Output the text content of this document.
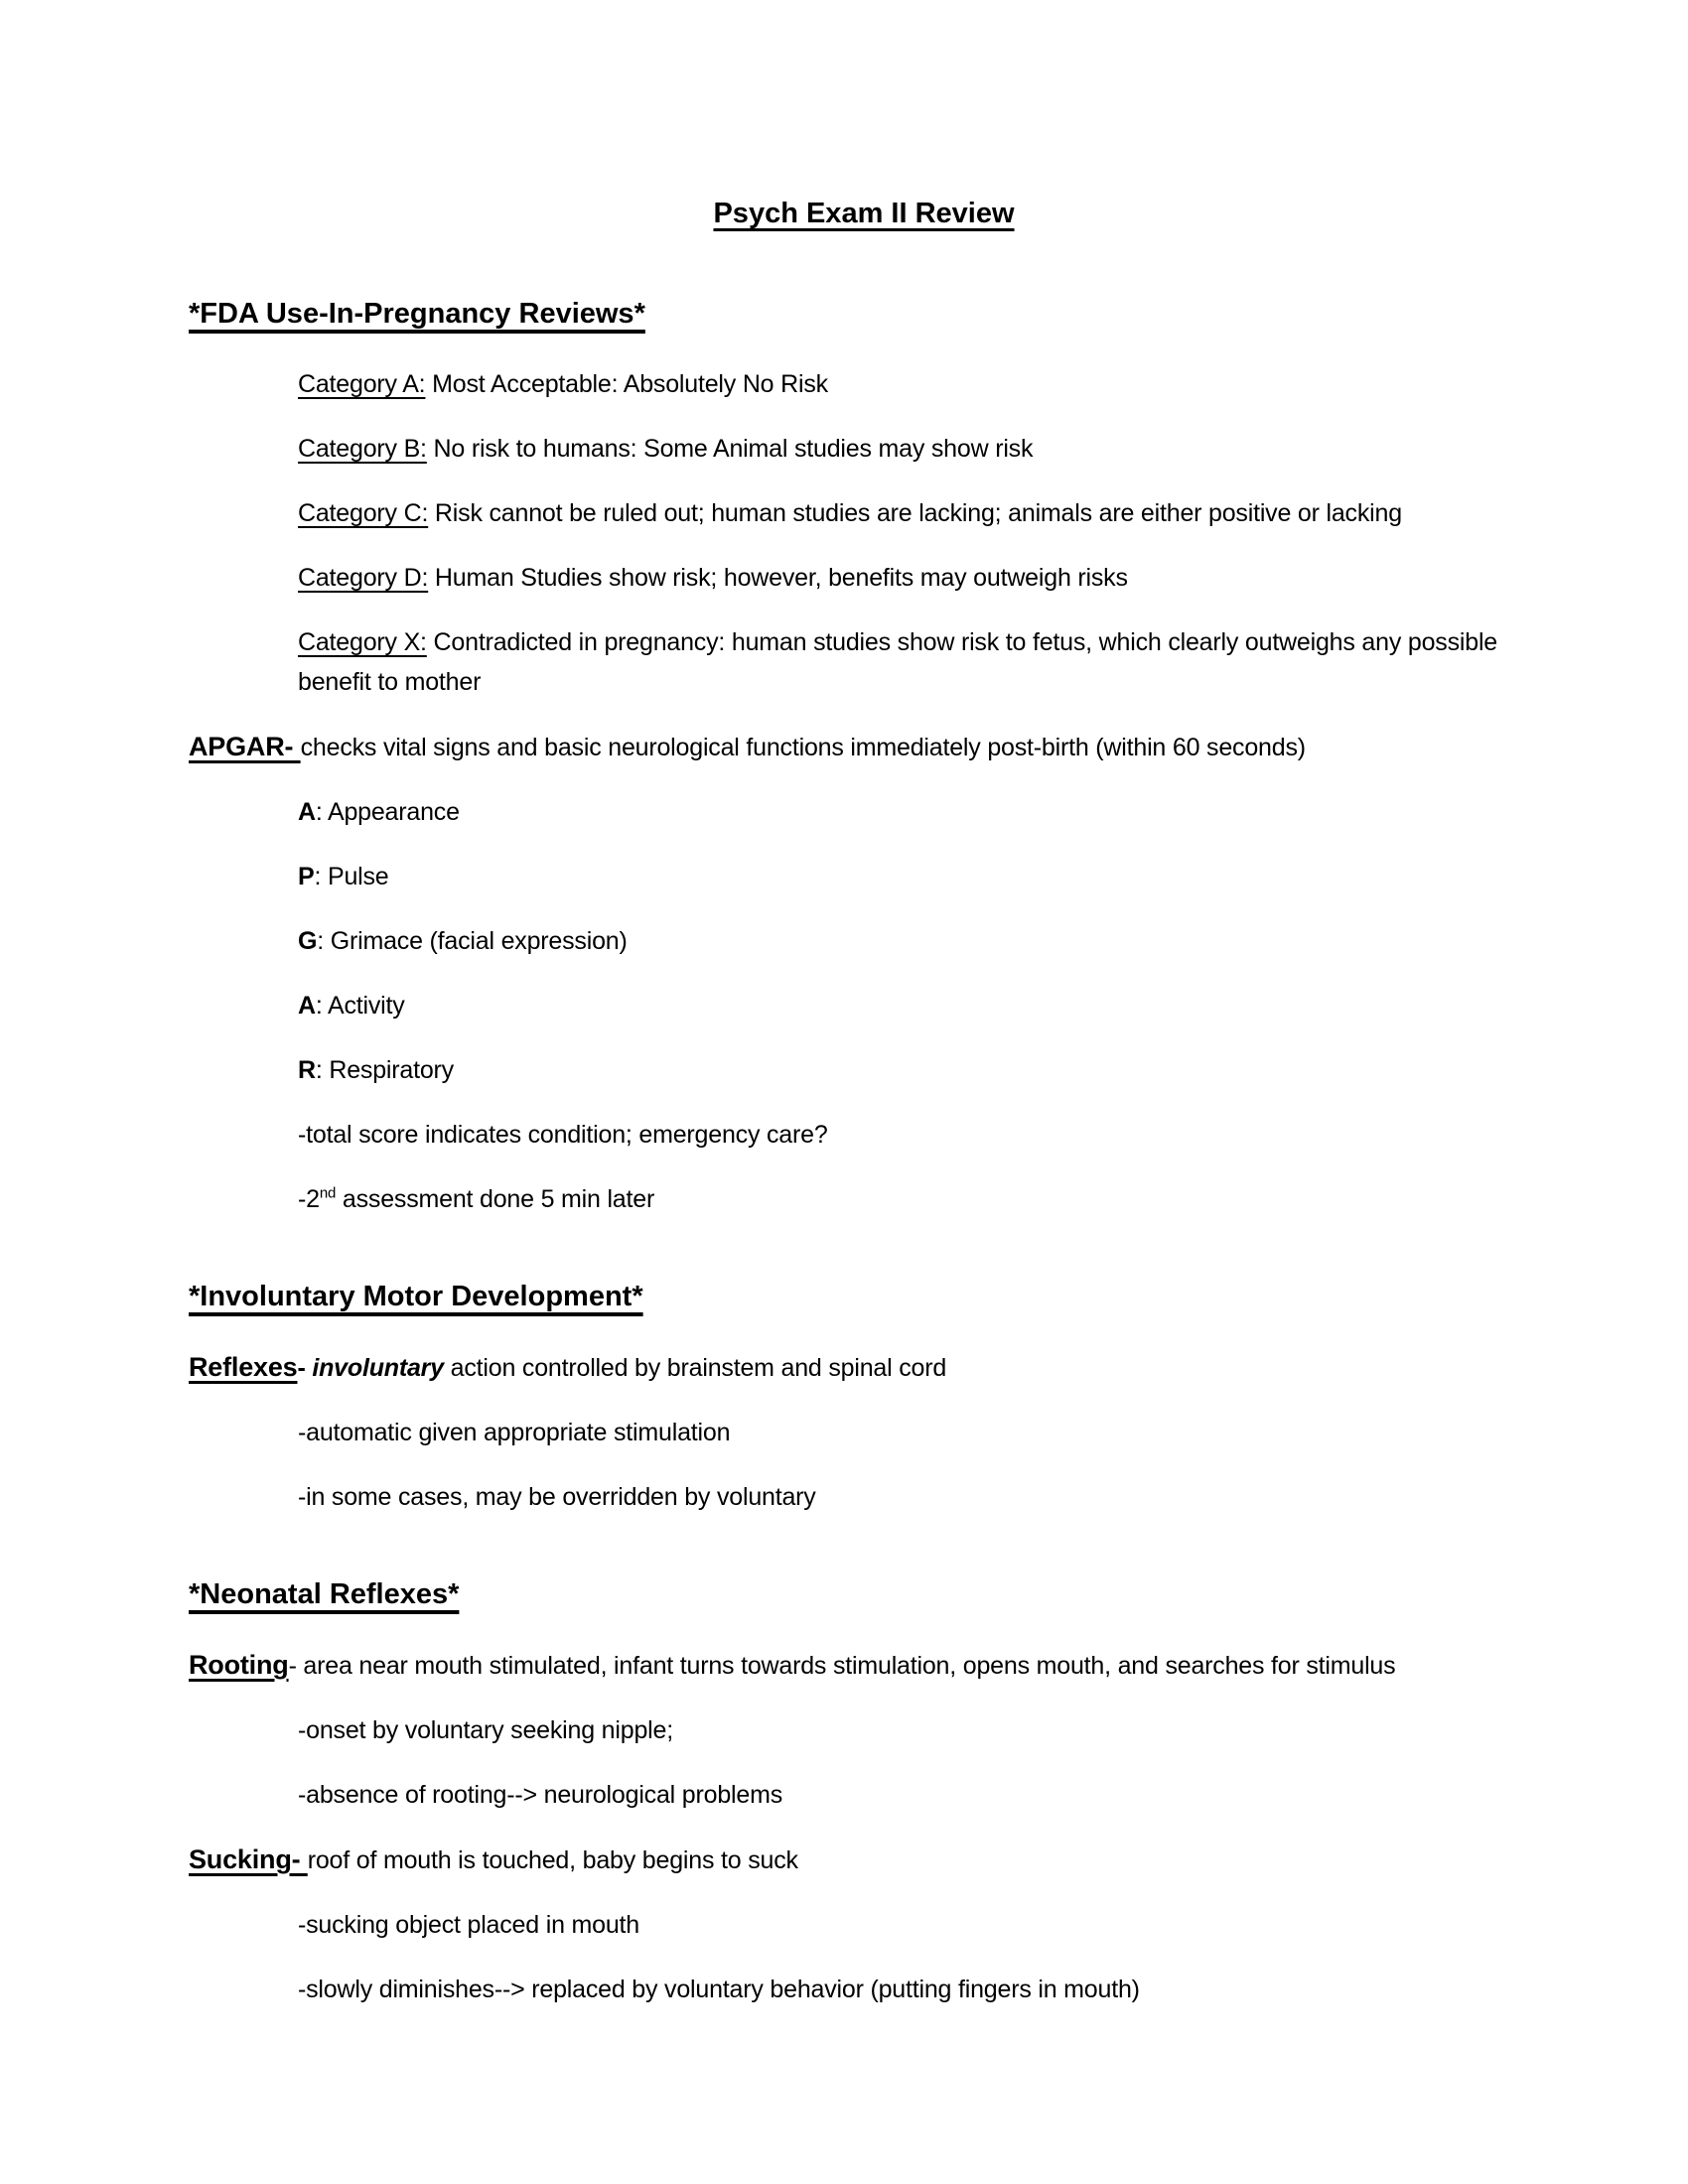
Psych Exam II Review
*FDA Use-In-Pregnancy Reviews*

Category A: Most Acceptable: Absolutely No Risk

Category B: No risk to humans: Some Animal studies may show risk

Category C: Risk cannot be ruled out; human studies are lacking; animals are either positive or lacking

Category D: Human Studies show risk; however, benefits may outweigh risks

Category X: Contradicted in pregnancy: human studies show risk to fetus, which clearly outweighs any possible benefit to mother

APGAR- checks vital signs and basic neurological functions immediately post-birth (within 60 seconds)

A: Appearance

P: Pulse

G: Grimace (facial expression)

A: Activity

R: Respiratory

-total score indicates condition; emergency care?

-2nd assessment done 5 min later

*Involuntary Motor Development*

Reflexes- involuntary action controlled by brainstem and spinal cord

-automatic given appropriate stimulation

-in some cases, may be overridden by voluntary

*Neonatal Reflexes*

Rooting- area near mouth stimulated, infant turns towards stimulation, opens mouth, and searches for stimulus

-onset by voluntary seeking nipple;

-absence of rooting--> neurological problems

Sucking- roof of mouth is touched, baby begins to suck

-sucking object placed in mouth

-slowly diminishes--> replaced by voluntary behavior (putting fingers in mouth)
